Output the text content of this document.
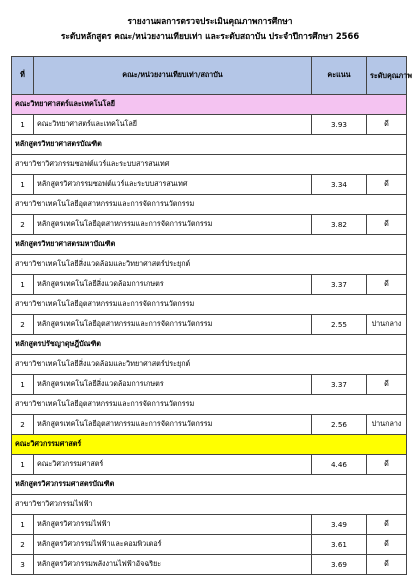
รายงานผลการตรวจประเมินคุณภาพการศึกษา
ระดับหลักสูตร คณะ/หน่วยงานเทียบเท่า และระดับสถาบัน ประจำปีการศึกษา 2566
ที่	คณะ/หน่วยงานเทียบเท่า/สถาบัน	คะแนน	ระดับคุณภาพ
คณะวิทยาศาสตร์และเทคโนโลยี			
1	คณะวิทยาศาสตร์และเทคโนโลยี	3.93	ดี
หลักสูตรวิทยาศาสตรบัณฑิต			
สาขาวิชาวิศวกรรมซอฟต์แวร์และระบบสารสนเทศ			
1	หลักสูตรวิศวกรรมซอฟต์แวร์และระบบสารสนเทศ	3.34	ดี
สาขาวิชาเทคโนโลยีอุตสาหกรรมและการจัดการนวัตกรรม			
2	หลักสูตรเทคโนโลยีอุตสาหกรรมและการจัดการนวัตกรรม	3.82	ดี
หลักสูตรวิทยาศาสตรมหาบัณฑิต			
สาขาวิชาเทคโนโลยีสิ่งแวดล้อมและวิทยาศาสตร์ประยุกต์			
1	หลักสูตรเทคโนโลยีสิ่งแวดล้อมการเกษตร	3.37	ดี
สาขาวิชาเทคโนโลยีอุตสาหกรรมและการจัดการนวัตกรรม			
2	หลักสูตรเทคโนโลยีอุตสาหกรรมและการจัดการนวัตกรรม	2.55	ปานกลาง
หลักสูตรปรัชญาดุษฎีบัณฑิต			
สาขาวิชาเทคโนโลยีสิ่งแวดล้อมและวิทยาศาสตร์ประยุกต์			
1	หลักสูตรเทคโนโลยีสิ่งแวดล้อมการเกษตร	3.37	ดี
สาขาวิชาเทคโนโลยีอุตสาหกรรมและการจัดการนวัตกรรม			
2	หลักสูตรเทคโนโลยีอุตสาหกรรมและการจัดการนวัตกรรม	2.56	ปานกลาง
คณะวิศวกรรมศาสตร์			
1	คณะวิศวกรรมศาสตร์	4.46	ดี
หลักสูตรวิศวกรรมศาสตรบัณฑิต			
สาขาวิชาวิศวกรรมไฟฟ้า			
1	หลักสูตรวิศวกรรมไฟฟ้า	3.49	ดี
2	หลักสูตรวิศวกรรมไฟฟ้าและคอมพิวเตอร์	3.61	ดี
3	หลักสูตรวิศวกรรมพลังงานไฟฟ้าอัจฉริยะ	3.69	ดี
